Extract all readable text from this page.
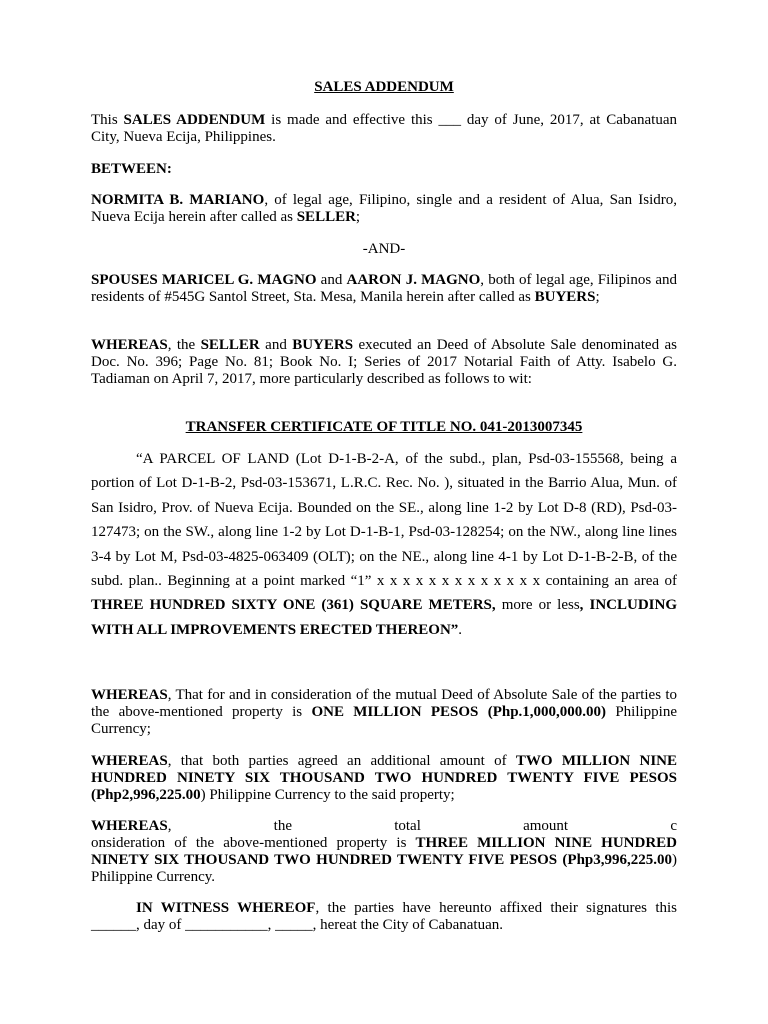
SALES ADDENDUM
This SALES ADDENDUM is made and effective this ___ day of June, 2017, at Cabanatuan City, Nueva Ecija, Philippines.
BETWEEN:
NORMITA B. MARIANO, of legal age, Filipino, single and a resident of Alua, San Isidro, Nueva Ecija herein after called as SELLER;
-AND-
SPOUSES MARICEL G. MAGNO and AARON J. MAGNO, both of legal age, Filipinos and residents of #545G Santol Street, Sta. Mesa, Manila herein after called as BUYERS;
WHEREAS, the SELLER and BUYERS executed an Deed of Absolute Sale denominated as Doc. No. 396; Page No. 81; Book No. I; Series of 2017 Notarial Faith of Atty. Isabelo G. Tadiaman on April 7, 2017, more particularly described as follows to wit:
TRANSFER CERTIFICATE OF TITLE NO. 041-2013007345
“A PARCEL OF LAND (Lot D-1-B-2-A, of the subd., plan, Psd-03-155568, being a portion of Lot D-1-B-2, Psd-03-153671, L.R.C. Rec. No. ), situated in the Barrio Alua, Mun. of San Isidro, Prov. of Nueva Ecija. Bounded on the SE., along line 1-2 by Lot D-8 (RD), Psd-03-127473; on the SW., along line 1-2 by Lot D-1-B-1, Psd-03-128254; on the NW., along line lines 3-4 by Lot M, Psd-03-4825-063409 (OLT); on the NE., along line 4-1 by Lot D-1-B-2-B, of the subd. plan.. Beginning at a point marked “1” x x x x x x x x x x x x x containing an area of THREE HUNDRED SIXTY ONE (361) SQUARE METERS, more or less, INCLUDING WITH ALL IMPROVEMENTS ERECTED THEREON”.
WHEREAS, That for and in consideration of the mutual Deed of Absolute Sale of the parties to the above-mentioned property is ONE MILLION PESOS (Php.1,000,000.00) Philippine Currency;
WHEREAS, that both parties agreed an additional amount of TWO MILLION NINE HUNDRED NINETY SIX THOUSAND TWO HUNDRED TWENTY FIVE PESOS (Php2,996,225.00) Philippine Currency to the said property;
WHEREAS,	the	total	amount	c
onsideration of the above-mentioned property is THREE MILLION NINE HUNDRED NINETY SIX THOUSAND TWO HUNDRED TWENTY FIVE PESOS (Php3,996,225.00) Philippine Currency.
IN WITNESS WHEREOF, the parties have hereunto affixed their signatures this ______, day of ___________, _____, hereat the City of Cabanatuan.
